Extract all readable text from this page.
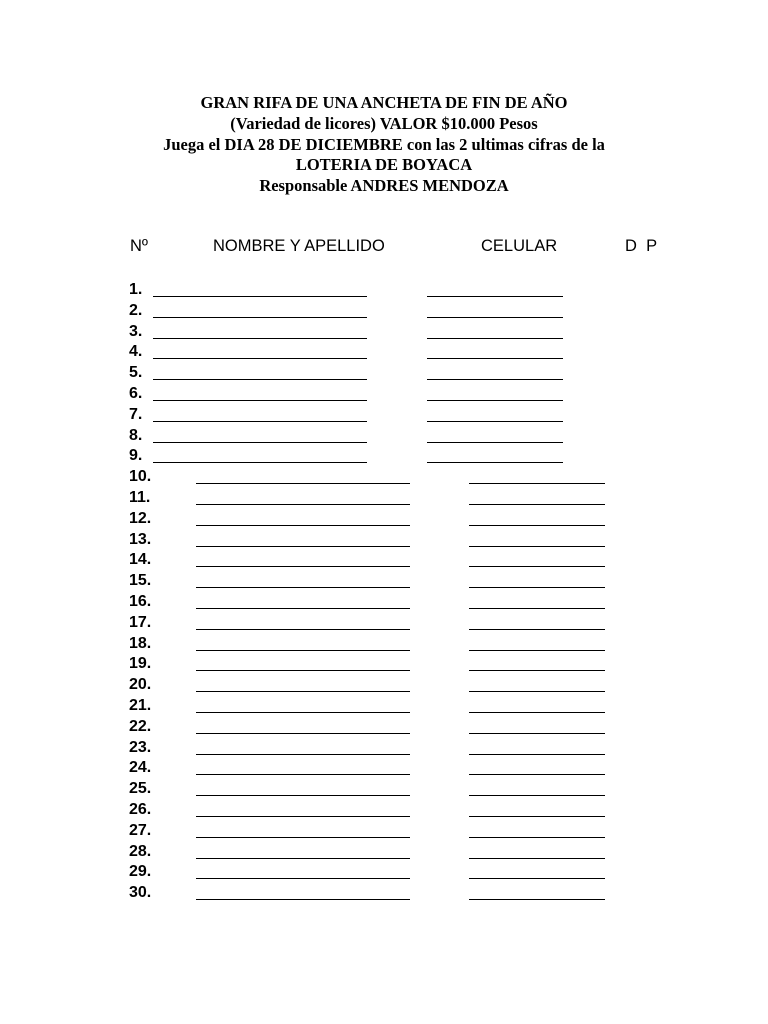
GRAN RIFA DE UNA ANCHETA DE FIN DE AÑO
(Variedad de licores) VALOR $10.000 Pesos
Juega el DIA 28 DE DICIEMBRE con las 2 ultimas cifras de la
LOTERIA DE BOYACA
Responsable ANDRES MENDOZA
Nº	NOMBRE Y APELLIDO	CELULAR	D  P
1.
2.
3.
4.
5.
6.
7.
8.
9.
10.
11.
12.
13.
14.
15.
16.
17.
18.
19.
20.
21.
22.
23.
24.
25.
26.
27.
28.
29.
30.
